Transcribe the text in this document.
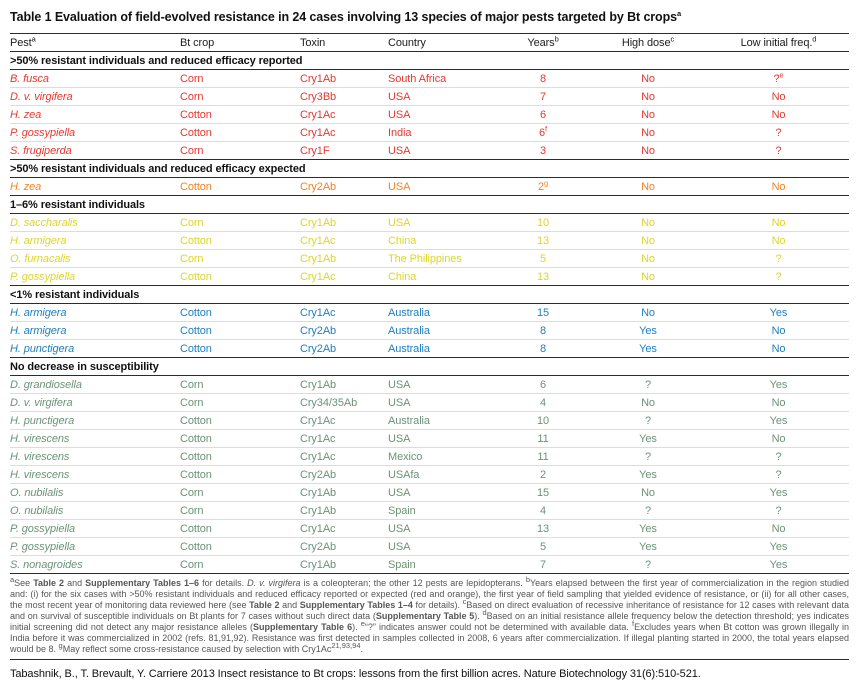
Table 1 Evaluation of field-evolved resistance in 24 cases involving 13 species of major pests targeted by Bt crops$^a$
Pest$^a$	Bt crop	Toxin	Country	Years$^b$	High dose$^c$	Low initial freq.$^d$
>50% resistant individuals and reduced efficacy reported						
B. fusca	Corn	Cry1Ab	South Africa	8	No	?$^e$
D. v. virgifera	Corn	Cry3Bb	USA	7	No	No
H. zea	Cotton	Cry1Ac	USA	6	No	No
P. gossypiella	Cotton	Cry1Ac	India	6$^f$	No	?
S. frugiperda	Corn	Cry1F	USA	3	No	?
>50% resistant individuals and reduced efficacy expected						
H. zea	Cotton	Cry2Ab	USA	2$^g$	No	No
1–6% resistant individuals						
D. saccharalis	Corn	Cry1Ab	USA	10	No	No
H. armigera	Cotton	Cry1Ac	China	13	No	No
O. furnacalis	Corn	Cry1Ab	The Philippines	5	No	?
P. gossypiella	Cotton	Cry1Ac	China	13	No	?
<1% resistant individuals						
H. armigera	Cotton	Cry1Ac	Australia	15	No	Yes
H. armigera	Cotton	Cry2Ab	Australia	8	Yes	No
H. punctigera	Cotton	Cry2Ab	Australia	8	Yes	No
No decrease in susceptibility						
D. grandiosella	Corn	Cry1Ab	USA	6	?	Yes
D. v. virgifera	Corn	Cry34/35Ab	USA	4	No	No
H. punctigera	Cotton	Cry1Ac	Australia	10	?	Yes
H. virescens	Cotton	Cry1Ac	USA	11	Yes	No
H. virescens	Cotton	Cry1Ac	Mexico	11	?	?
H. virescens	Cotton	Cry2Ab	USAfa	2	Yes	?
O. nubilalis	Corn	Cry1Ab	USA	15	No	Yes
O. nubilalis	Corn	Cry1Ab	Spain	4	?	?
P. gossypiella	Cotton	Cry1Ac	USA	13	Yes	No
P. gossypiella	Cotton	Cry2Ab	USA	5	Yes	Yes
S. nonagroides	Corn	Cry1Ab	Spain	7	?	Yes
$^a$See Table 2 and Supplementary Tables 1–6 for details. D. v. virgifera is a coleopteran; the other 12 pests are lepidopterans. $^b$Years elapsed between the first year of commercialization in the region studied and: (i) for the six cases with >50% resistant individuals and reduced efficacy reported or expected (red and orange), the first year of field sampling that yielded evidence of resistance, or (ii) for all other cases, the most recent year of monitoring data reviewed here (see Table 2 and Supplementary Tables 1–4 for details). $^c$Based on direct evaluation of recessive inheritance of resistance for 12 cases with relevant data and on survival of susceptible individuals on Bt plants for 7 cases without such direct data (Supplementary Table 5). $^d$Based on an initial resistance allele frequency below the detection threshold; yes indicates initial screening did not detect any major resistance alleles (Supplementary Table 6). $^e$“?” indicates answer could not be determined with available data. $^f$Excludes years when Bt cotton was grown illegally in India before it was commercialized in 2002 (refs. 81,91,92). Resistance was first detected in samples collected in 2008, 6 years after commercialization. If illegal planting started in 2000, the total years elapsed would be 8. $^g$May reflect some cross-resistance caused by selection with Cry1Ac$^{21,93,94}$.
Tabashnik, B., T. Brevault, Y. Carriere 2013 Insect resistance to Bt crops: lessons from the first billion acres. Nature Biotechnology 31(6):510-521.
